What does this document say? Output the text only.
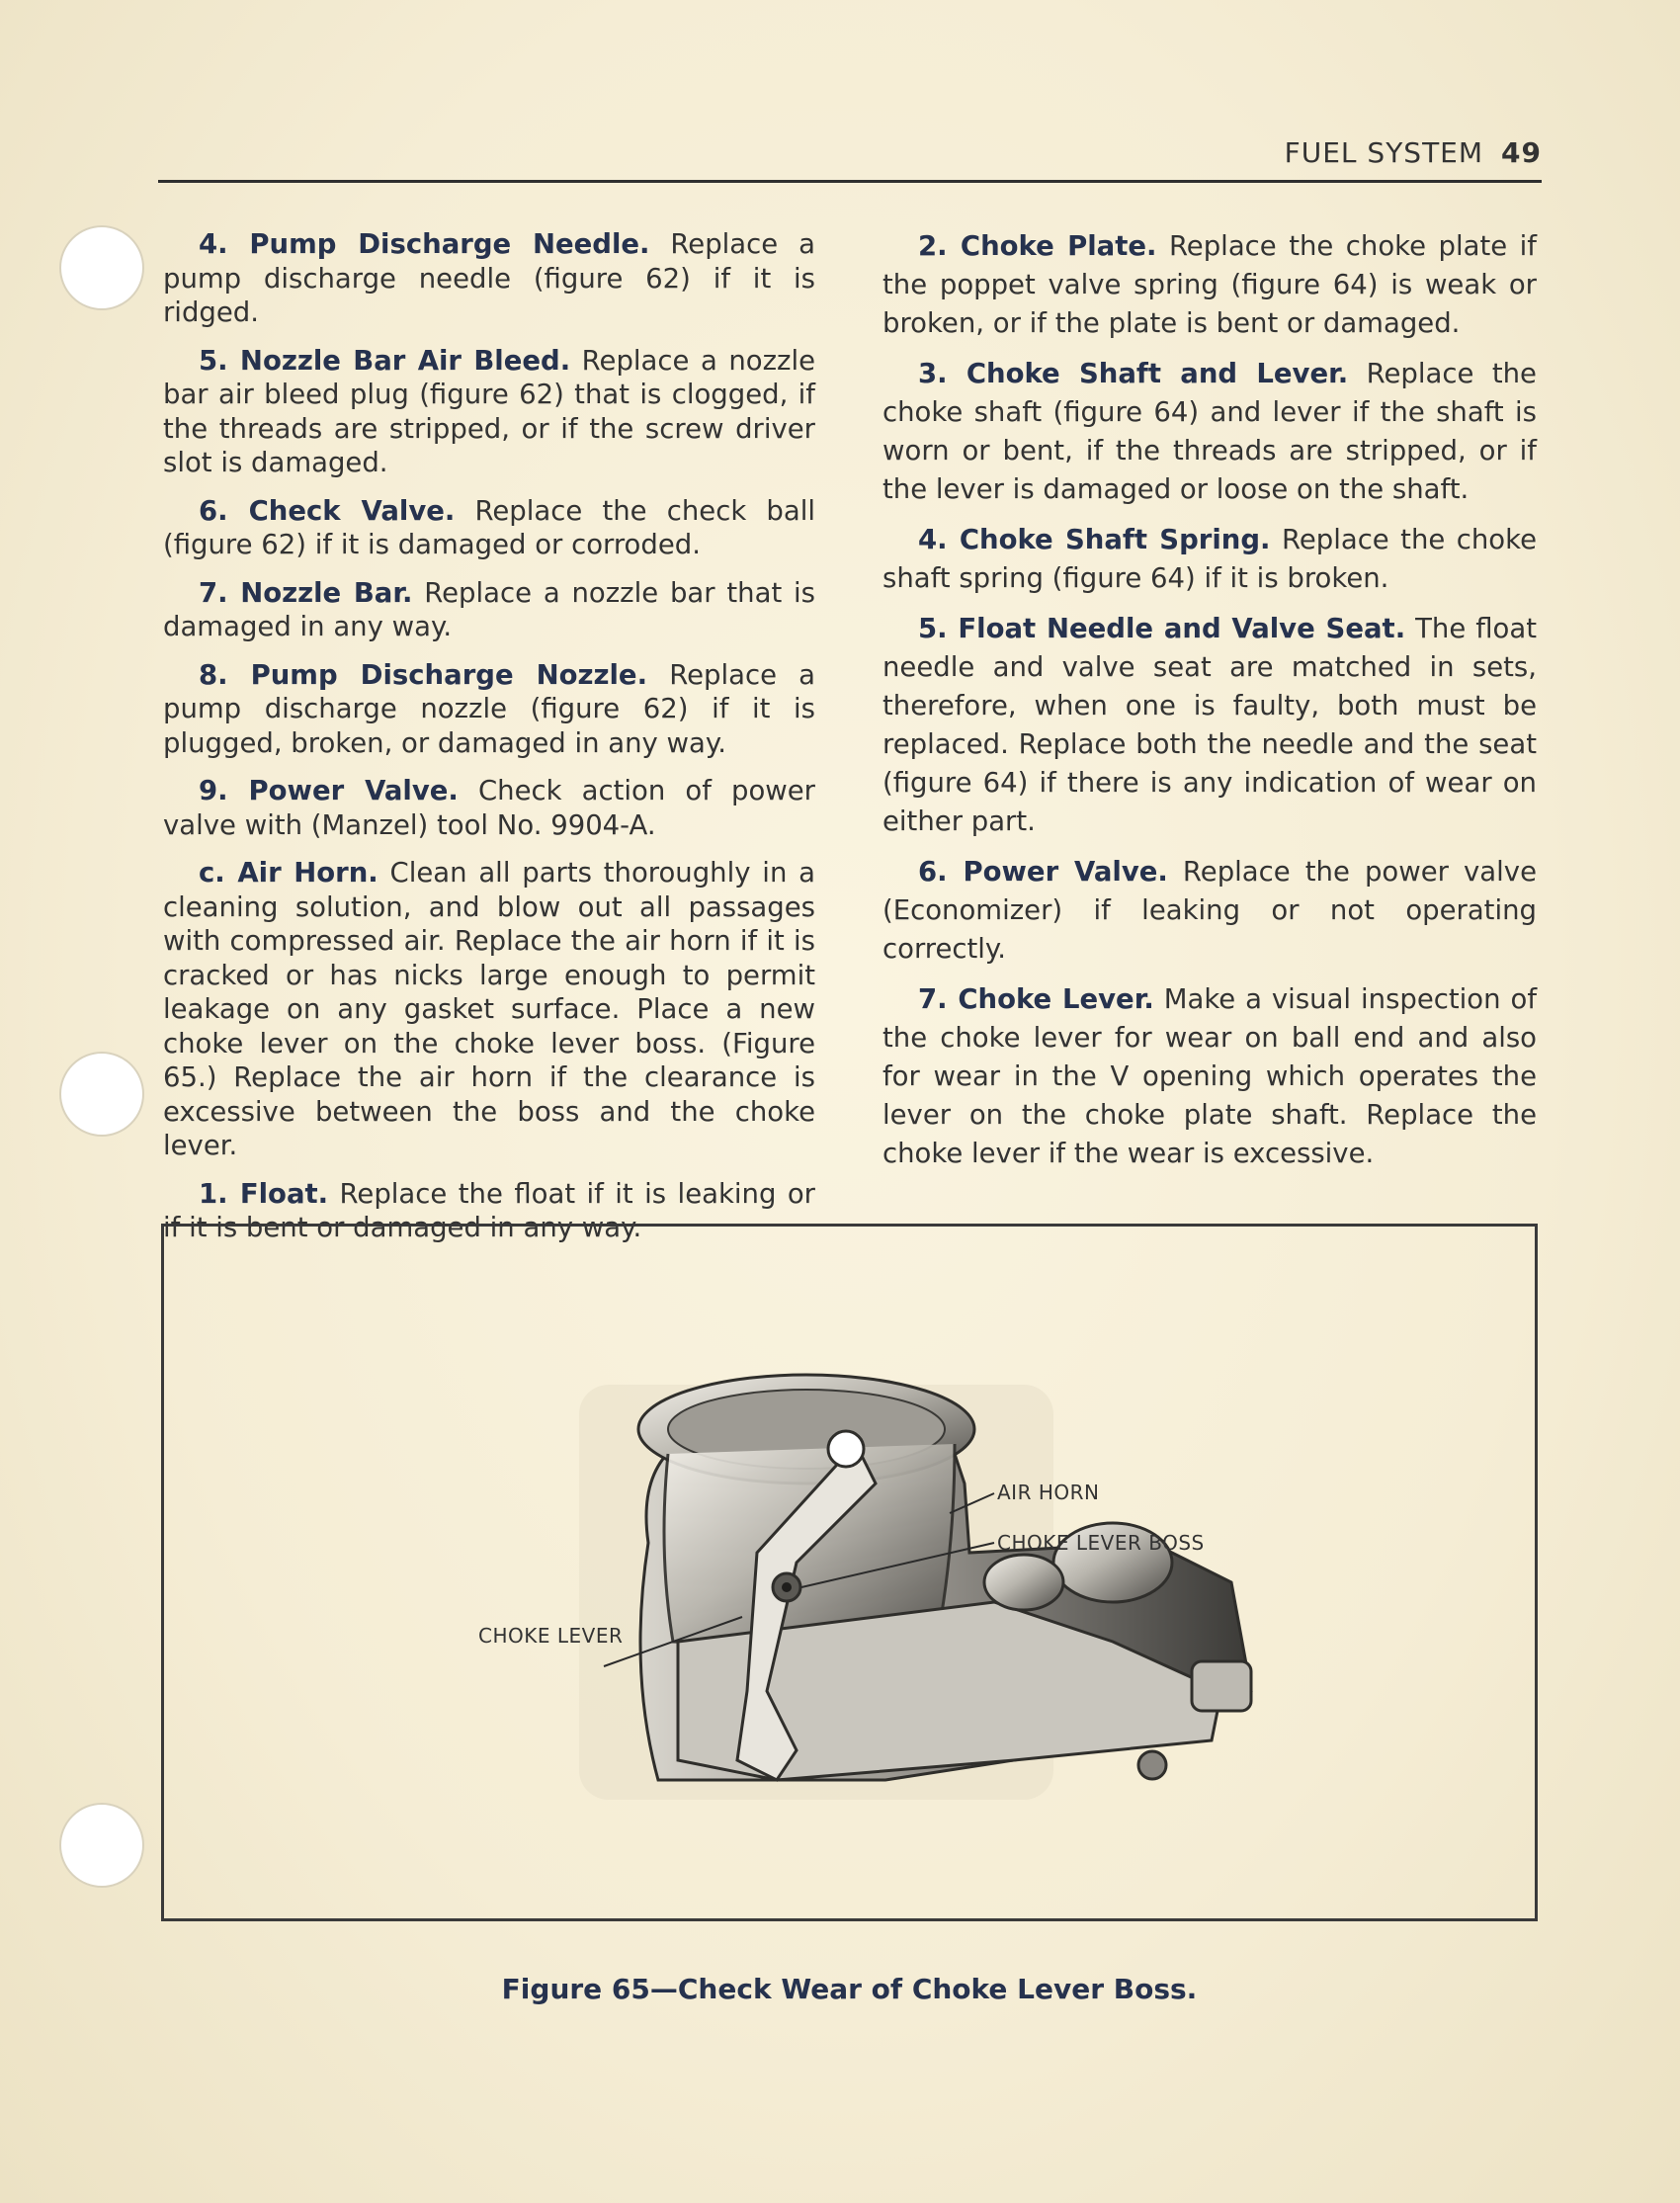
FUEL SYSTEM 49

4. Pump Discharge Needle. Replace a pump discharge needle (figure 62) if it is ridged.

5. Nozzle Bar Air Bleed. Replace a nozzle bar air bleed plug (figure 62) that is clogged, if the threads are stripped, or if the screw driver slot is damaged.

6. Check Valve. Replace the check ball (figure 62) if it is damaged or corroded.

7. Nozzle Bar. Replace a nozzle bar that is damaged in any way.

8. Pump Discharge Nozzle. Replace a pump discharge nozzle (figure 62) if it is plugged, broken, or damaged in any way.

9. Power Valve. Check action of power valve with (Manzel) tool No. 9904-A.

c. Air Horn. Clean all parts thoroughly in a cleaning solution, and blow out all passages with compressed air. Replace the air horn if it is cracked or has nicks large enough to permit leakage on any gasket surface. Place a new choke lever on the choke lever boss. (Figure 65.) Replace the air horn if the clearance is excessive between the boss and the choke lever.

1. Float. Replace the float if it is leaking or if it is bent or damaged in any way.

2. Choke Plate. Replace the choke plate if the poppet valve spring (figure 64) is weak or broken, or if the plate is bent or damaged.

3. Choke Shaft and Lever. Replace the choke shaft (figure 64) and lever if the shaft is worn or bent, if the threads are stripped, or if the lever is damaged or loose on the shaft.

4. Choke Shaft Spring. Replace the choke shaft spring (figure 64) if it is broken.

5. Float Needle and Valve Seat. The float needle and valve seat are matched in sets, therefore, when one is faulty, both must be replaced. Replace both the needle and the seat (figure 64) if there is any indication of wear on either part.

6. Power Valve. Replace the power valve (Economizer) if leaking or not operating correctly.

7. Choke Lever. Make a visual inspection of the choke lever for wear on ball end and also for wear in the V opening which operates the lever on the choke plate shaft. Replace the choke lever if the wear is excessive.

AIR HORN
CHOKE LEVER BOSS
CHOKE LEVER
Figure 65—Check Wear of Choke Lever Boss.
